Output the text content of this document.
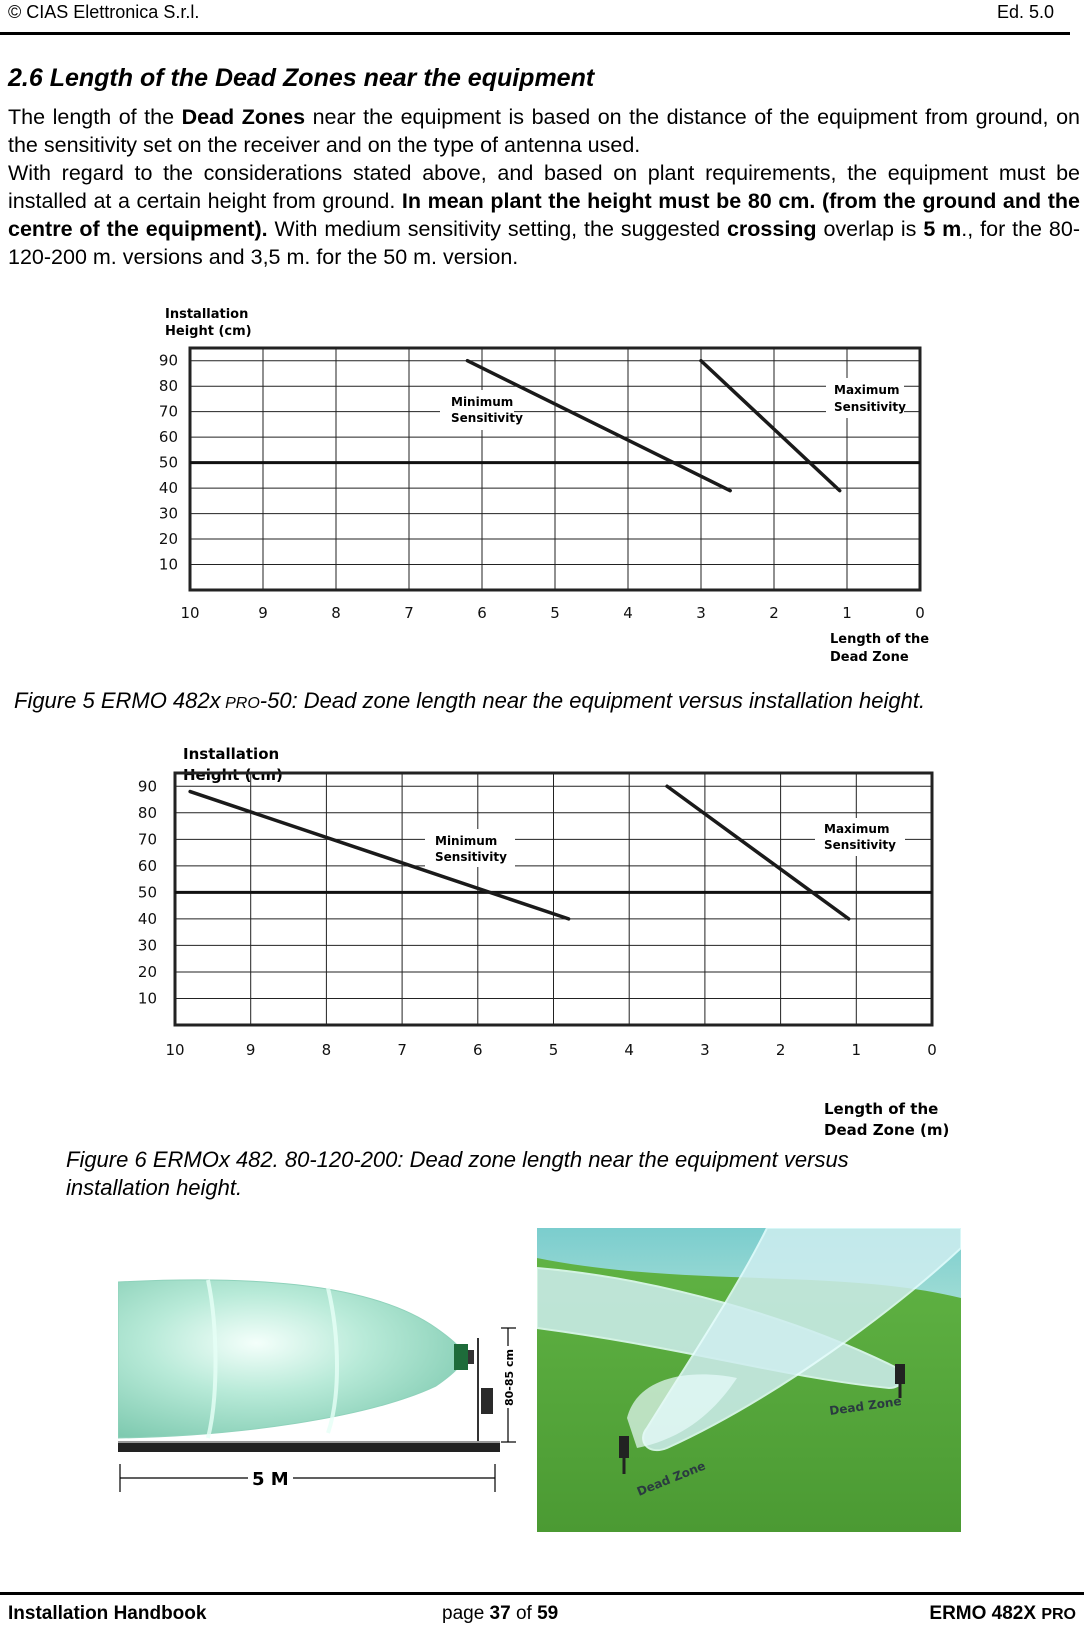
© CIAS Elettronica S.r.l.	Ed. 5.0
2.6 Length of the Dead Zones near the equipment

The length of the Dead Zones near the equipment is based on the distance of the equipment from ground, on the sensitivity set on the receiver and on the type of antenna used.

With regard to the considerations stated above, and based on plant requirements, the equipment must be installed at a certain height from ground. In mean plant the height must be 80 cm. (from the ground and the centre of the equipment). With medium sensitivity setting, the suggested crossing overlap is 5 m., for the 80-120-200 m. versions and 3,5 m. for the 50 m. version.

Installation
Height (cm)
90
80
70
60
50
40
30
20
10
10	9	8	7	6	5	4	3	2	1	0
Minimum
Sensitivity
Maximum
Sensitivity
Length of the
Dead Zone
Figure 5 ERMO 482x PRO-50: Dead zone length near the equipment versus installation height.
Installation
Height (cm)
90
80
70
60
50
40
30
20
10
10	9	8	7	6	5	4	3	2	1	0
Minimum
Sensitivity
Maximum
Sensitivity
Length of the
Dead Zone (m)
Figure 6 ERMOx 482. 80-120-200: Dead zone length near the equipment versus
installation height.
5 M
80-85 cm
Dead Zone
Dead Zone
Installation Handbook	page 37 of 59	ERMO 482X PRO
